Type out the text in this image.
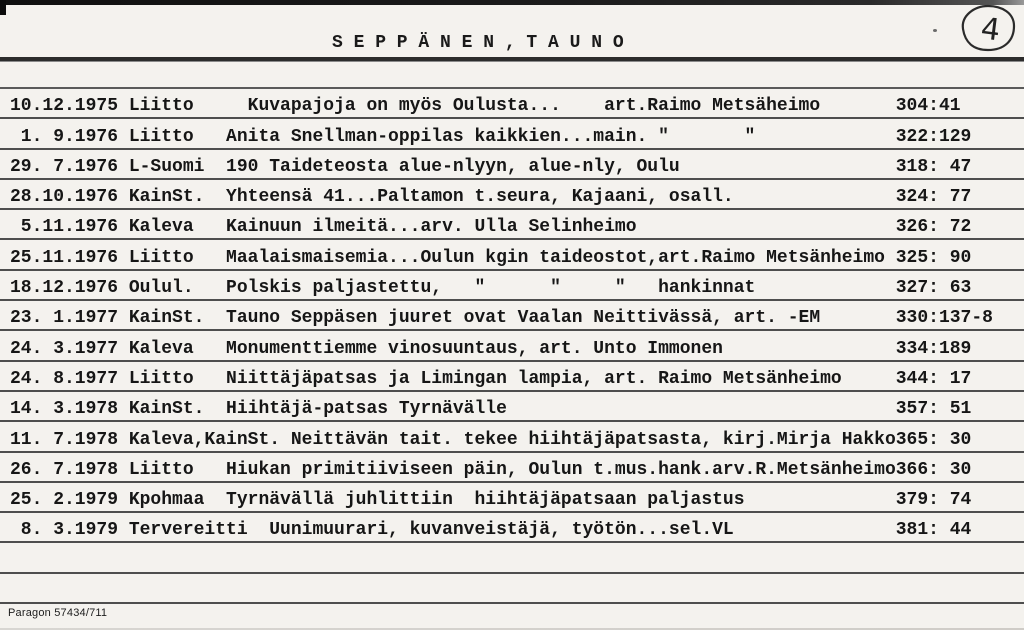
S E P P Ä N E N , T A U N O	4
10.12.1975 Liitto     Kuvapajoja on myös Oulusta...    art.Raimo Metsäheimo       304:41
1. 9.1976 Liitto   Anita Snellman-oppilas kaikkien...main. "       "             322:129
29. 7.1976 L-Suomi  190 Taideteosta alue-nlyyn, alue-nly, Oulu                    318: 47
28.10.1976 KainSt.  Yhteensä 41...Paltamon t.seura, Kajaani, osall.               324: 77
5.11.1976 Kaleva   Kainuun ilmeitä...arv. Ulla Selinheimo                        326: 72
25.11.1976 Liitto   Maalaismaisemia...Oulun kgin taideostot,art.Raimo Metsänheimo 325: 90
18.12.1976 Oulul.   Polskis paljastettu,   "      "     "   hankinnat             327: 63
23. 1.1977 KainSt.  Tauno Seppäsen juuret ovat Vaalan Neittivässä, art. -EM       330:137-8
24. 3.1977 Kaleva   Monumenttiemme vinosuuntaus, art. Unto Immonen                334:189
24. 8.1977 Liitto   Niittäjäpatsas ja Limingan lampia, art. Raimo Metsänheimo     344: 17
14. 3.1978 KainSt.  Hiihtäjä-patsas Tyrnävälle                                    357: 51
11. 7.1978 Kaleva,KainSt. Neittävän tait. tekee hiihtäjäpatsasta, kirj.Mirja Hakko365: 30
26. 7.1978 Liitto   Hiukan primitiiviseen päin, Oulun t.mus.hank.arv.R.Metsänheimo366: 30
25. 2.1979 Kpohmaa  Tyrnävällä juhlittiin  hiihtäjäpatsaan paljastus              379: 74
8. 3.1979 Tervereitti  Uunimuurari, kuvanveistäjä, työtön...sel.VL               381: 44
Paragon 57434/711
